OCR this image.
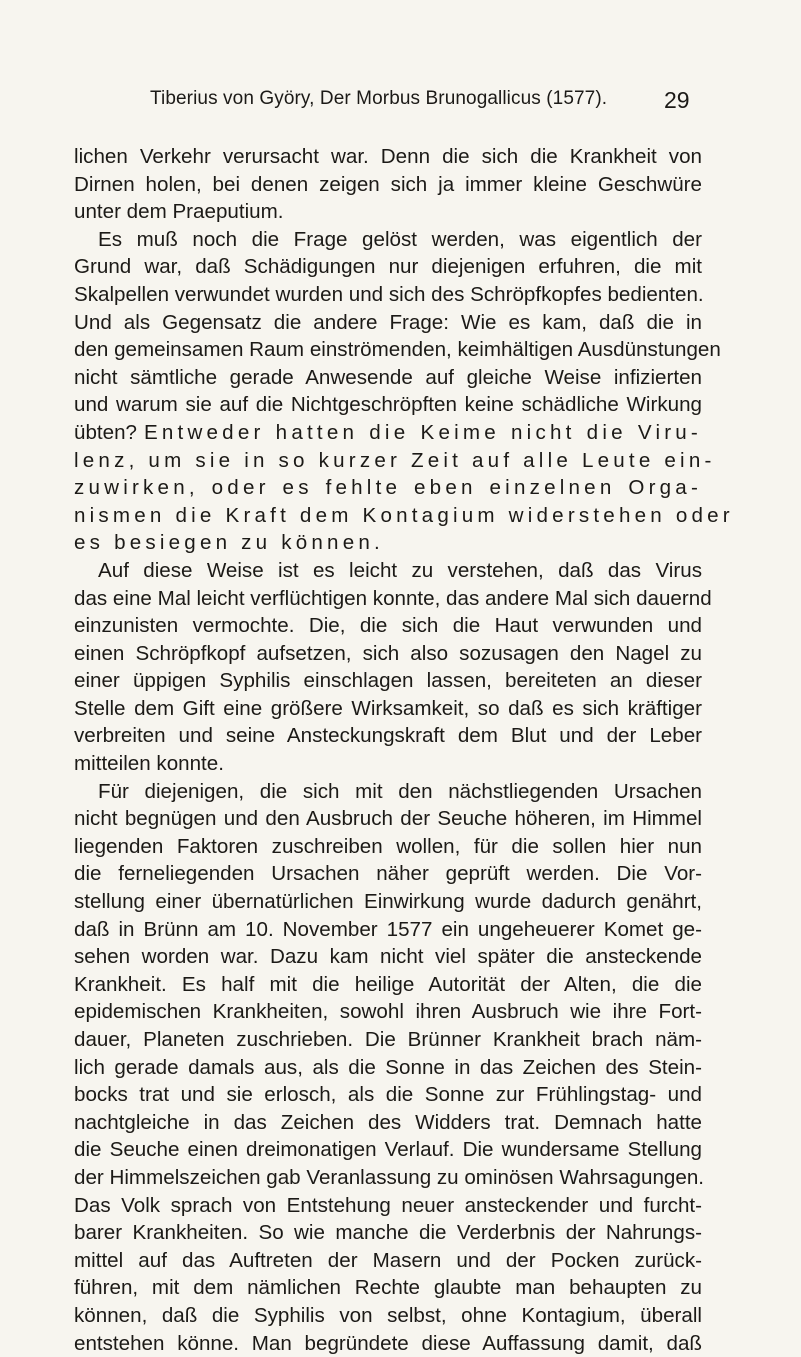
Tiberius von Györy, Der Morbus Brunogallicus (1577).	29
lichen Verkehr verursacht war. Denn die sich die Krankheit von
Dirnen holen, bei denen zeigen sich ja immer kleine Geschwüre
unter dem Praeputium.
Es muß noch die Frage gelöst werden, was eigentlich der
Grund war, daß Schädigungen nur diejenigen erfuhren, die mit
Skalpellen verwundet wurden und sich des Schröpfkopfes bedienten.
Und als Gegensatz die andere Frage: Wie es kam, daß die in
den gemeinsamen Raum einströmenden, keimhältigen Ausdünstungen
nicht sämtliche gerade Anwesende auf gleiche Weise infizierten
und warum sie auf die Nichtgeschröpften keine schädliche Wirkung
übten? Entweder hatten die Keime nicht die Viru-
lenz, um sie in so kurzer Zeit auf alle Leute ein-
zuwirken, oder es fehlte eben einzelnen Orga-
nismen die Kraft dem Kontagium widerstehen oder
es besiegen zu können.
Auf diese Weise ist es leicht zu verstehen, daß das Virus
das eine Mal leicht verflüchtigen konnte, das andere Mal sich dauernd
einzunisten vermochte. Die, die sich die Haut verwunden und
einen Schröpfkopf aufsetzen, sich also sozusagen den Nagel zu
einer üppigen Syphilis einschlagen lassen, bereiteten an dieser
Stelle dem Gift eine größere Wirksamkeit, so daß es sich kräftiger
verbreiten und seine Ansteckungskraft dem Blut und der Leber
mitteilen konnte.
Für diejenigen, die sich mit den nächstliegenden Ursachen
nicht begnügen und den Ausbruch der Seuche höheren, im Himmel
liegenden Faktoren zuschreiben wollen, für die sollen hier nun
die ferneliegenden Ursachen näher geprüft werden. Die Vor-
stellung einer übernatürlichen Einwirkung wurde dadurch genährt,
daß in Brünn am 10. November 1577 ein ungeheuerer Komet ge-
sehen worden war. Dazu kam nicht viel später die ansteckende
Krankheit. Es half mit die heilige Autorität der Alten, die die
epidemischen Krankheiten, sowohl ihren Ausbruch wie ihre Fort-
dauer, Planeten zuschrieben. Die Brünner Krankheit brach näm-
lich gerade damals aus, als die Sonne in das Zeichen des Stein-
bocks trat und sie erlosch, als die Sonne zur Frühlingstag- und
nachtgleiche in das Zeichen des Widders trat. Demnach hatte
die Seuche einen dreimonatigen Verlauf. Die wundersame Stellung
der Himmelszeichen gab Veranlassung zu ominösen Wahrsagungen.
Das Volk sprach von Entstehung neuer ansteckender und furcht-
barer Krankheiten. So wie manche die Verderbnis der Nahrungs-
mittel auf das Auftreten der Masern und der Pocken zurück-
führen, mit dem nämlichen Rechte glaubte man behaupten zu
können, daß die Syphilis von selbst, ohne Kontagium, überall
entstehen könne. Man begründete diese Auffassung damit, daß
